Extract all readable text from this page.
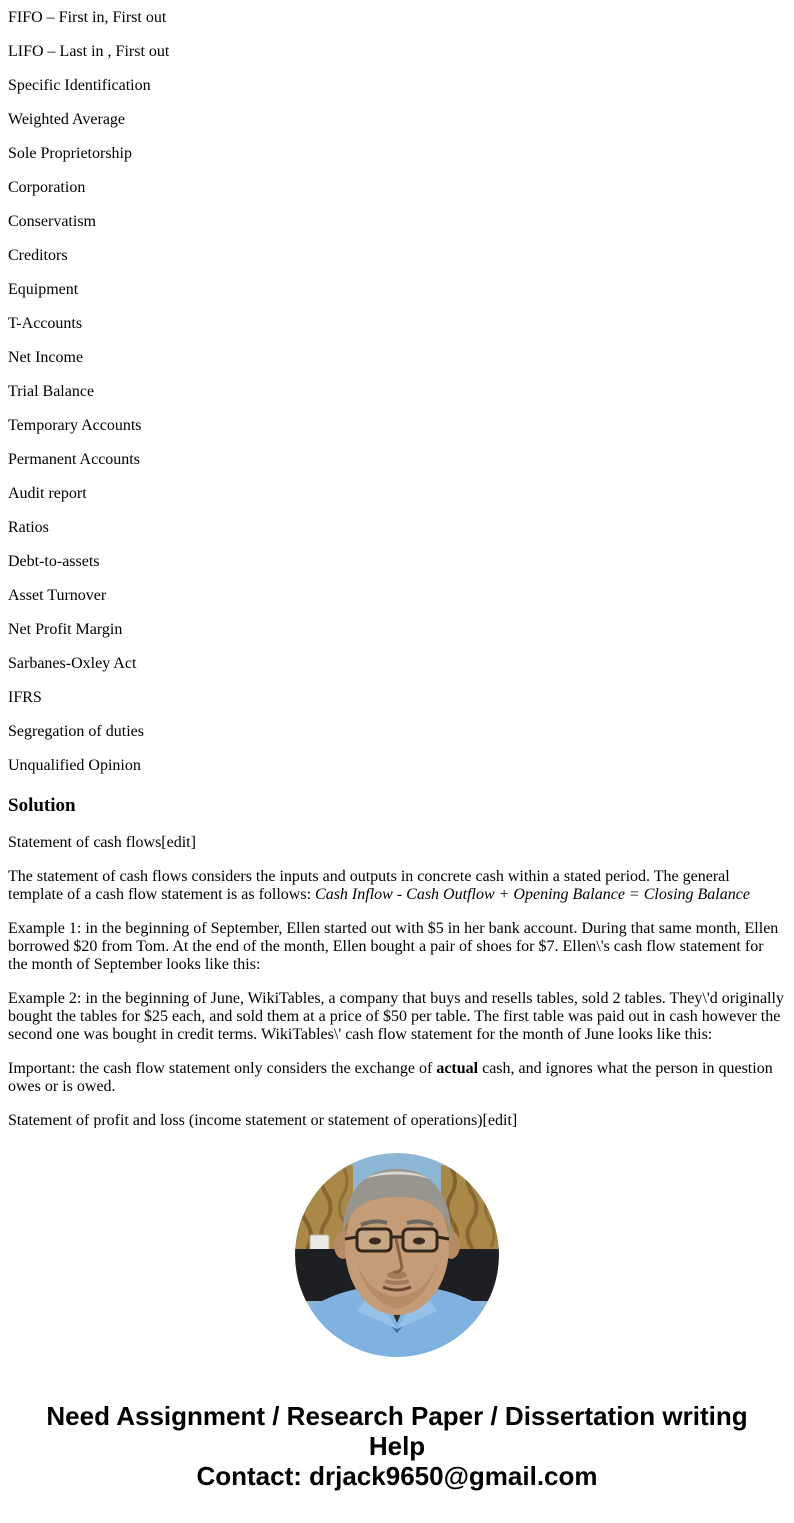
FIFO – First in, First out

LIFO – Last in , First out

Specific Identification

Weighted Average

Sole Proprietorship

Corporation

Conservatism

Creditors

Equipment

T-Accounts

Net Income

Trial Balance

Temporary Accounts

Permanent Accounts

Audit report

Ratios

Debt-to-assets

Asset Turnover

Net Profit Margin

Sarbanes-Oxley Act

IFRS

Segregation of duties

Unqualified Opinion

Solution

Statement of cash flows[edit]

The statement of cash flows considers the inputs and outputs in concrete cash within a stated period. The general template of a cash flow statement is as follows: Cash Inflow - Cash Outflow + Opening Balance = Closing Balance

Example 1: in the beginning of September, Ellen started out with $5 in her bank account. During that same month, Ellen borrowed $20 from Tom. At the end of the month, Ellen bought a pair of shoes for $7. Ellen\'s cash flow statement for the month of September looks like this:

Example 2: in the beginning of June, WikiTables, a company that buys and resells tables, sold 2 tables. They\'d originally bought the tables for $25 each, and sold them at a price of $50 per table. The first table was paid out in cash however the second one was bought in credit terms. WikiTables\' cash flow statement for the month of June looks like this:

Important: the cash flow statement only considers the exchange of actual cash, and ignores what the person in question owes or is owed.

Statement of profit and loss (income statement or statement of operations)[edit]

Need Assignment / Research Paper / Dissertation writing Help
Contact: drjack9650@gmail.com
